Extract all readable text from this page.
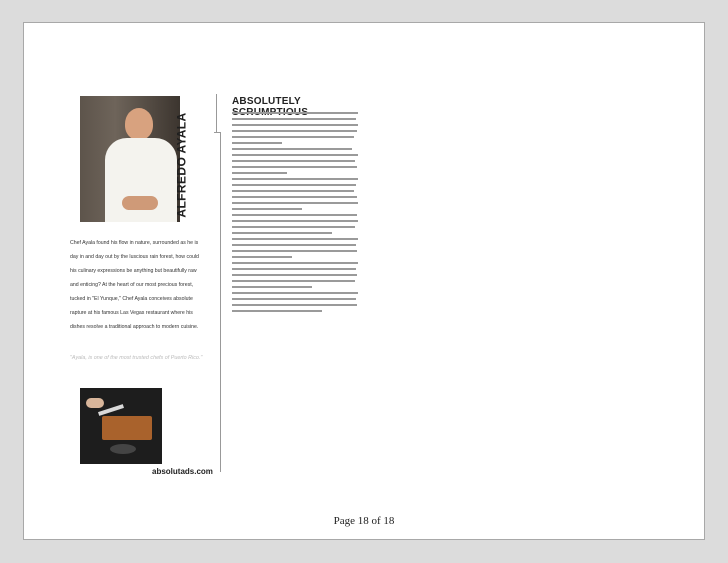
ALFREDO AYALA
ABSOLUTELY

Chef Ayala found his flow in nature, surrounded as he is

day in and day out by the luscious rain forest, how could

his culinary expressions be anything but beautifully raw

and enticing? At the heart of our most precious forest,

tucked in "El Yunque," Chef Ayala conceives absolute

rapture at his famous Las Vegas restaurant where his

dishes resolve a traditional approach to modern cuisine.

"Ayala, is one of the most trusted chefs of Puerto Rico."
absolutads.com
Page 18 of 18
